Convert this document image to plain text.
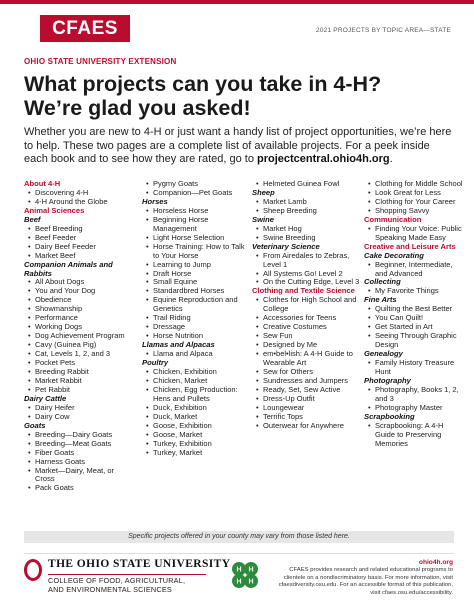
CFAES	2021 PROJECTS BY TOPIC AREA—STATE
OHIO STATE UNIVERSITY EXTENSION
What projects can you take in 4-H?
We’re glad you asked!

Whether you are new to 4-H or just want a handy list of project opportunities, we’re here to help. These two pages are a complete list of available projects. For a peek inside each book and to see how they are rated, go to projectcentral.ohio4h.org.

About 4-H
• Discovering 4-H
• 4-H Around the Globe
Animal Sciences
Beef
• Beef Breeding
• Beef Feeder
• Dairy Beef Feeder
• Market Beef
Companion Animals and Rabbits
• All About Dogs
• You and Your Dog
• Obedience
• Showmanship
• Performance
• Working Dogs
• Dog Achievement Program
• Cavy (Guinea Pig)
• Cat, Levels 1, 2, and 3
• Pocket Pets
• Breeding Rabbit
• Market Rabbit
• Pet Rabbit
Dairy Cattle
• Dairy Heifer
• Dairy Cow
Goats
• Breeding—Dairy Goats
• Breeding—Meat Goats
• Fiber Goats
• Harness Goats
• Market—Dairy, Meat, or Cross
• Pack Goats
• Pygmy Goats
• Companion—Pet Goats
Horses
• Horseless Horse
• Beginning Horse Management
• Light Horse Selection
• Horse Training: How to Talk to Your Horse
• Learning to Jump
• Draft Horse
• Small Equine
• Standardbred Horses
• Equine Reproduction and Genetics
• Trail Riding
• Dressage
• Horse Nutrition
Llamas and Alpacas
• Llama and Alpaca
Poultry
• Chicken, Exhibition
• Chicken, Market
• Chicken, Egg Production: Hens and Pullets
• Duck, Exhibition
• Duck, Market
• Goose, Exhibition
• Goose, Market
• Turkey, Exhibition
• Turkey, Market
• Helmeted Guinea Fowl
Sheep
• Market Lamb
• Sheep Breeding
Swine
• Market Hog
• Swine Breeding
Veterinary Science
• From Airedales to Zebras, Level 1
• All Systems Go! Level 2
• On the Cutting Edge, Level 3
Clothing and Textile Science
• Clothes for High School and College
• Accessories for Teens
• Creative Costumes
• Sew Fun
• Designed by Me
• em•bel•lish: A 4-H Guide to Wearable Art
• Sew for Others
• Sundresses and Jumpers
• Ready, Set, Sew Active
• Dress-Up Outfit
• Loungewear
• Terrific Tops
• Outerwear for Anywhere
• Clothing for Middle School
• Look Great for Less
• Clothing for Your Career
• Shopping Savvy
Communication
• Finding Your Voice: Public Speaking Made Easy
Creative and Leisure Arts
Cake Decorating
• Beginner, Intermediate, and Advanced
Collecting
• My Favorite Things
Fine Arts
• Quilting the Best Better
• You Can Quilt!
• Get Started in Art
• Seeing Through Graphic Design
Genealogy
• Family History Treasure Hunt
Photography
• Photography, Books 1, 2, and 3
• Photography Master
Scrapbooking
• Scrapbooking: A 4-H Guide to Preserving Memories
Specific projects offered in your county may vary from those listed here.
THE OHIO STATE UNIVERSITY
COLLEGE OF FOOD, AGRICULTURAL,
AND ENVIRONMENTAL SCIENCES
H H
H H
ohio4h.org
CFAES provides research and related educational programs to clientele on a nondiscriminatory basis. For more information, visit cfaesdiversity.osu.edu. For an accessible format of this publication, visit cfaes.osu.edu/accessibility.
